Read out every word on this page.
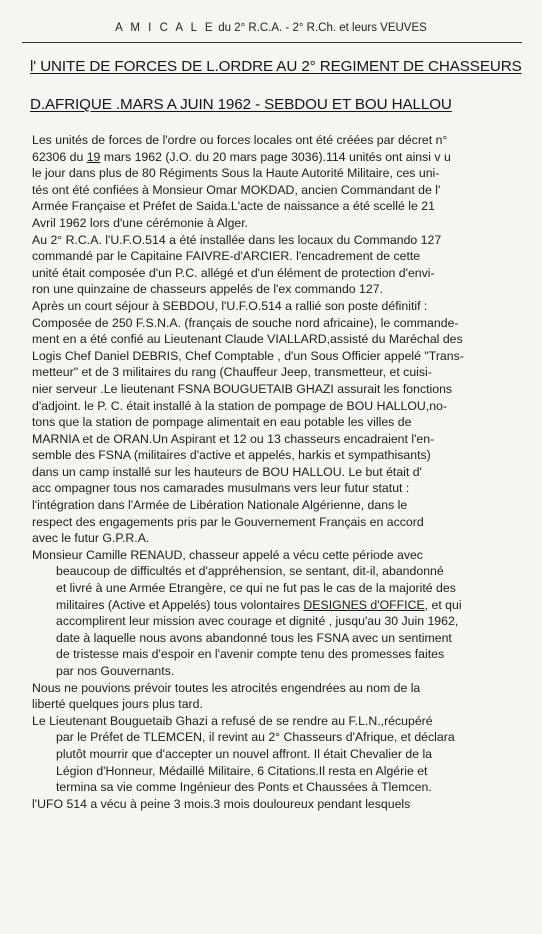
A M I C A L E du 2° R.C.A. - 2° R.Ch. et leurs VEUVES
l' UNITE DE FORCES DE L.ORDRE AU 2° REGIMENT DE CHASSEURS
D.AFRIQUE .MARS A JUIN 1962 - SEBDOU ET BOU HALLOU

Les unités de forces de l'ordre ou forces locales ont été créées par décret n°

62306 du 19 mars 1962 (J.O. du 20 mars page 3036).114 unités ont ainsi v u

le jour dans plus de 80 Régiments Sous la Haute Autorité Militaire, ces uni-

tés ont été confiées à Monsieur Omar MOKDAD, ancien Commandant de l'

Armée Française et Préfet de Saida.L'acte de naissance a été scellé le 21

Avril 1962 lors d'une cérémonie à Alger.

Au 2° R.C.A. l'U.F.O.514 a été installée dans les locaux du Commando 127

commandé par le Capitaine FAIVRE-d'ARCIER. l'encadrement de cette

unité était composée d'un P.C. allégé et d'un élément de protection d'envi-

ron une quinzaine de chasseurs appelés de l'ex commando 127.

Après un court séjour à SEBDOU, l'U.F.O.514 a rallié son poste définitif :

Composée de 250 F.S.N.A. (français de souche nord africaine), le commande-

ment en a été confié au Lieutenant Claude VIALLARD,assisté du Maréchal des

Logis Chef Daniel DEBRIS, Chef Comptable , d'un Sous Officier appelé "Trans-

metteur" et de 3 militaires du rang (Chauffeur Jeep, transmetteur, et cuisi-

nier serveur .Le lieutenant FSNA BOUGUETAIB GHAZI assurait les fonctions

d'adjoint. le P. C. était installé à la station de pompage de BOU HALLOU,no-

tons que la station de pompage alimentait en eau potable les villes de

MARNIA et de ORAN.Un Aspirant et 12 ou 13 chasseurs encadraient l'en-

semble des FSNA (militaires d'active et appelés, harkis et sympathisants)

dans un camp installé sur les hauteurs de BOU HALLOU. Le but était d'

acc ompagner tous nos camarades musulmans vers leur futur statut :

l'intégration dans l'Armée de Libération Nationale Algérienne, dans le

respect des engagements pris par le Gouvernement Français en accord

avec le futur G.P.R.A.

Monsieur Camille RENAUD, chasseur appelé a vécu cette période avec

beaucoup de difficultés et d'appréhension, se sentant, dit-il, abandonné

et livré à une Armée Etrangère, ce qui ne fut pas le cas de la majorité des

militaires (Active et Appelés) tous volontaires DESIGNES d'OFFICE, et qui

accomplirent leur mission avec courage et dignité , jusqu'au 30 Juin 1962,

date à laquelle nous avons abandonné tous les FSNA avec un sentiment

de tristesse mais d'espoir en l'avenir compte tenu des promesses faites

par nos Gouvernants.

Nous ne pouvions prévoir toutes les atrocités engendrées au nom de la

liberté quelques jours plus tard.

Le Lieutenant Bouguetaib Ghazi a refusé de se rendre au F.L.N.,récupéré

par le Préfet de TLEMCEN, il revint au 2° Chasseurs d'Afrique, et déclara

plutôt mourrir que d'accepter un nouvel affront. Il était Chevalier de la

Légion d'Honneur, Médaillé Militaire, 6 Citations.Il resta en Algérie et

termina sa vie comme Ingénieur des Ponts et Chaussées à Tlemcen.

l'UFO 514 a vécu à peine 3 mois.3 mois douloureux pendant lesquels
